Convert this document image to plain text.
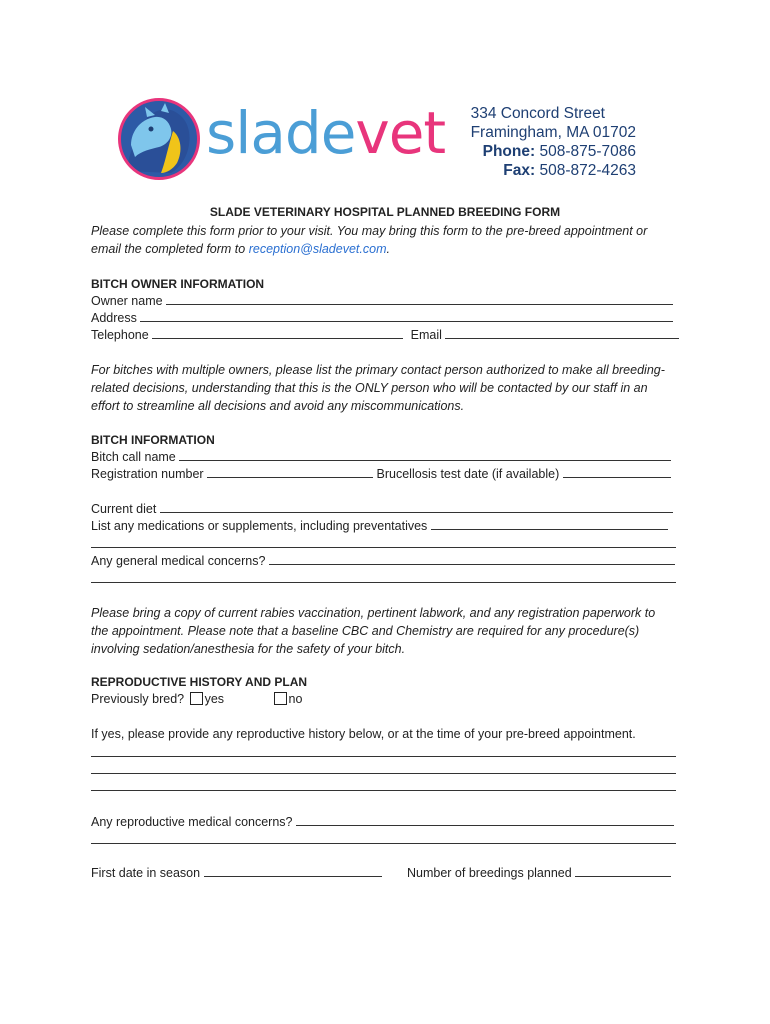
sladevet 334 Concord Street
Framingham, MA 01702
Phone: 508-875-7086
Fax: 508-872-4263
SLADE VETERINARY HOSPITAL PLANNED BREEDING FORM
Please complete this form prior to your visit. You may bring this form to the pre-breed appointment or
email the completed form to reception@sladevet.com.
BITCH OWNER INFORMATION
Owner name
Address
Telephone	Email
For bitches with multiple owners, please list the primary contact person authorized to make all breeding-
related decisions, understanding that this is the ONLY person who will be contacted by our staff in an
effort to streamline all decisions and avoid any miscommunications.
BITCH INFORMATION
Bitch call name
Registration number	Brucellosis test date (if available)
Current diet
List any medications or supplements, including preventatives
Any general medical concerns?
Please bring a copy of current rabies vaccination, pertinent labwork, and any registration paperwork to
the appointment. Please note that a baseline CBC and Chemistry are required for any procedure(s)
involving sedation/anesthesia for the safety of your bitch.
REPRODUCTIVE HISTORY AND PLAN
Previously bred? yes	no
If yes, please provide any reproductive history below, or at the time of your pre-breed appointment.
Any reproductive medical concerns?
First date in season	Number of breedings planned
